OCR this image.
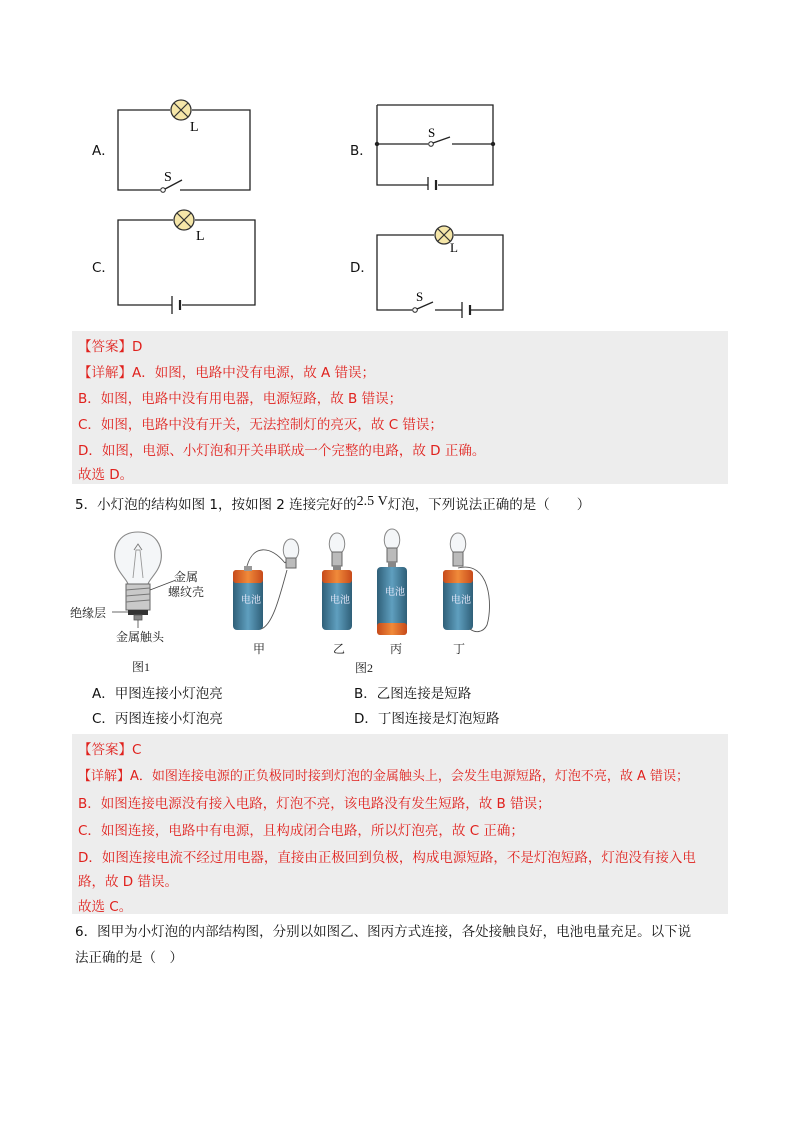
A．
L
S
B．
S
C．
L
D．
L
S
【答案】D
【详解】A．如图，电路中没有电源，故 A 错误；
B．如图，电路中没有用电器，电源短路，故 B 错误；
C．如图，电路中没有开关，无法控制灯的亮灭，故 C 错误；
D．如图，电源、小灯泡和开关串联成一个完整的电路，故 D 正确。
故选 D。
5．小灯泡的结构如图 1，按如图 2 连接完好的2.5 V灯泡，下列说法正确的是（　　）
金属
螺纹壳
绝缘层
金属触头
图1
电池
甲
电池
乙
电池
丙
电池
丁
图2
A．甲图连接小灯泡亮	B．乙图连接是短路
C．丙图连接小灯泡亮	D．丁图连接是灯泡短路
【答案】C
【详解】A．如图连接电源的正负极同时接到灯泡的金属触头上，会发生电源短路，灯泡不亮，故 A 错误；
B．如图连接电源没有接入电路，灯泡不亮，该电路没有发生短路，故 B 错误；
C．如图连接，电路中有电源，且构成闭合电路，所以灯泡亮，故 C 正确；
D．如图连接电流不经过用电器，直接由正极回到负极，构成电源短路，不是灯泡短路，灯泡没有接入电
路，故 D 错误。
故选 C。
6．图甲为小灯泡的内部结构图，分别以如图乙、图丙方式连接，各处接触良好，电池电量充足。以下说
法正确的是（　）
